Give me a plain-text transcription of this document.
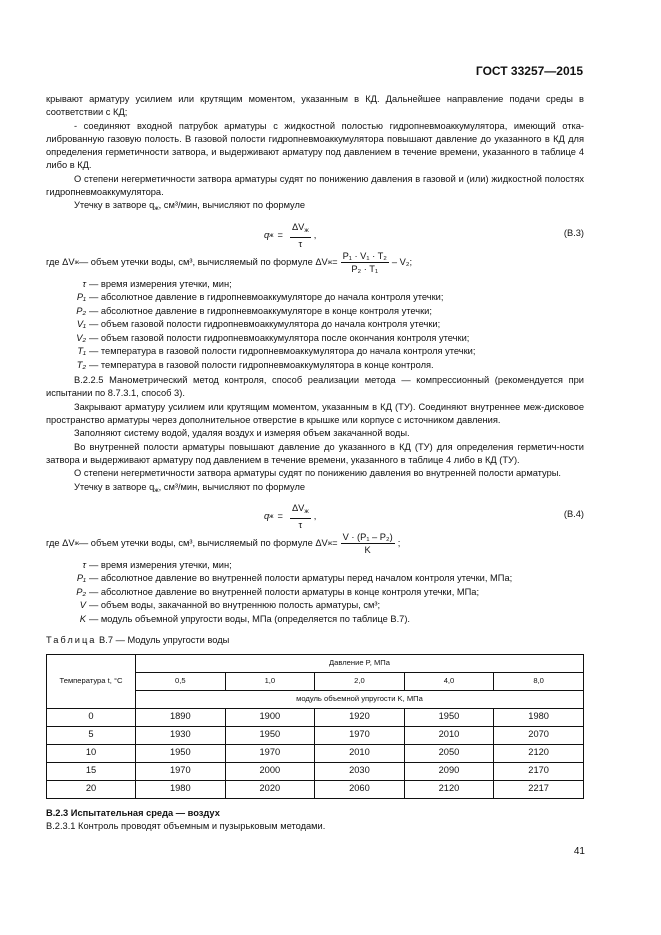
ГОСТ 33257—2015

крывают арматуру усилием или крутящим моментом, указанным в КД. Дальнейшее направление подачи среды в соответствии с КД;

- соединяют входной патрубок арматуры с жидкостной полостью гидропневмоаккумулятора, имеющий отка-либрованную газовую полость. В газовой полости гидропневмоаккумулятора повышают давление до указанного в КД для определения герметичности затвора, и выдерживают арматуру под давлением в течение времени, указанного в таблице 4 либо в КД.

О степени негерметичности затвора арматуры судят по понижению давления в газовой и (или) жидкостной полостях гидропневмоаккумулятора.

Утечку в затворе $q_ж$, см³/мин, вычисляют по формуле

q $ж = \frac{\Delta V_ж}{\tau}$ ,	(В.3)
где ΔV ж — объем утечки воды, см³, вычисляемый по формуле ΔV $ж = \frac{\text{P₁ · V₁ · T₂}}{\text{P₂ · T₁}} - V_2$;
τ — время измерения утечки, мин;
P₁ — абсолютное давление в гидропневмоаккумуляторе до начала контроля утечки;
P₂ — абсолютное давление в гидропневмоаккумуляторе в конце контроля утечки;
V₁ — объем газовой полости гидропневмоаккумулятора до начала контроля утечки;
V₂ — объем газовой полости гидропневмоаккумулятора после окончания контроля утечки;
T₁ — температура в газовой полости гидропневмоаккумулятора до начала контроля утечки;
T₂ — температура в газовой полости гидропневмоаккумулятора в конце контроля.

В.2.2.5 Манометрический метод контроля, способ реализации метода — компрессионный (рекомендуется при испытании по 8.7.3.1, способ 3).

Закрывают арматуру усилием или крутящим моментом, указанным в КД (ТУ). Соединяют внутреннее меж-дисковое пространство арматуры через дополнительное отверстие в крышке или корпусе с источником давления.

Заполняют систему водой, удаляя воздух и измеряя объем закачанной воды.

Во внутренней полости арматуры повышают давление до указанного в КД (ТУ) для определения герметич-ности затвора и выдерживают арматуру под давлением в течение времени, указанного в таблице 4 либо в КД (ТУ).

О степени негерметичности затвора арматуры судят по понижению давления во внутренней полости арматуры.

Утечку в затворе $q_ж$, см³/мин, вычисляют по формуле

q $ж = \frac{\Delta V_ж}{\tau}$ ,	(В.4)
где ΔV ж — объем утечки воды, см³, вычисляемый по формуле ΔV $ж = \frac{\text{V · (P₁ – P₂)}}{K}$ ;
τ — время измерения утечки, мин;
P₁ — абсолютное давление во внутренней полости арматуры перед началом контроля утечки, МПа;
P₂ — абсолютное давление во внутренней полости арматуры в конце контроля утечки, МПа;
V — объем воды, закачанной во внутреннюю полость арматуры, см³;
K — модуль объемной упругости воды, МПа (определяется по таблице В.7).
Таблица В.7 — Модуль упругости воды
Температура t, °С	Давление P, МПа				
	0,5	1,0	2,0	4,0	8,0
	модуль объемной упругости K, МПа				
0	1890	1900	1920	1950	1980
5	1930	1950	1970	2010	2070
10	1950	1970	2010	2050	2120
15	1970	2000	2030	2090	2170
20	1980	2020	2060	2120	2217
В.2.3 Испытательная среда — воздух

В.2.3.1 Контроль проводят объемным и пузырьковым методами.

41
